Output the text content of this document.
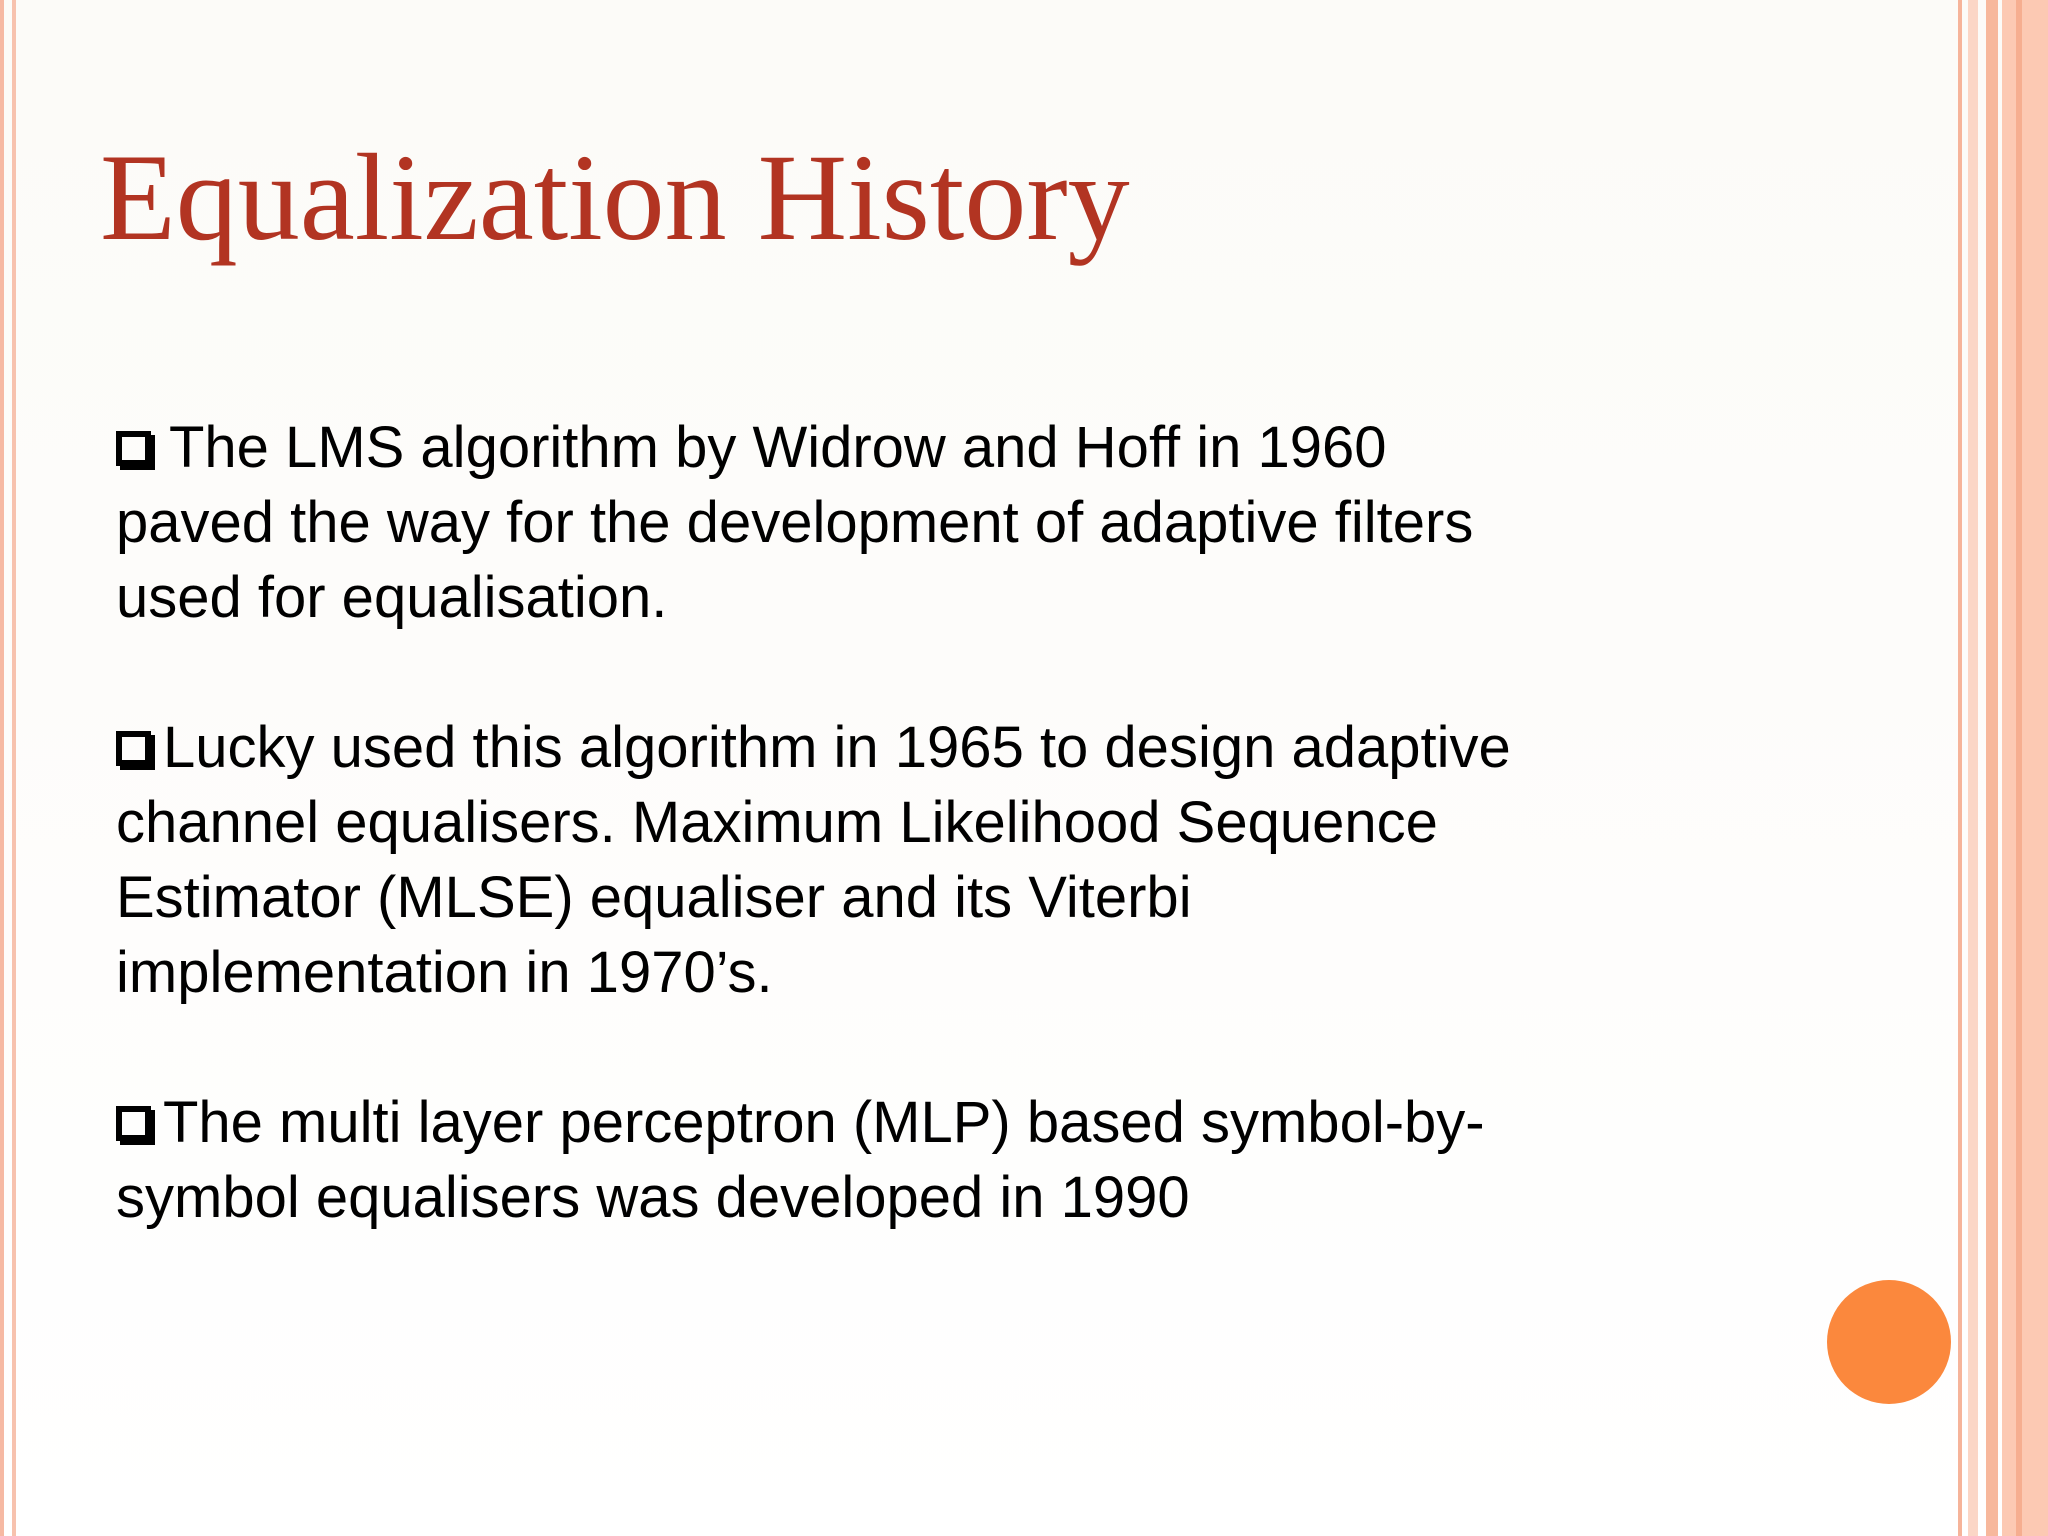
Equalization History
The LMS algorithm by Widrow and Hoff in 1960
paved the way for the development of adaptive filters
used for equalisation.
Lucky used this algorithm in 1965 to design adaptive
channel equalisers. Maximum Likelihood Sequence
Estimator (MLSE) equaliser and its Viterbi
implementation in 1970’s.
The multi layer perceptron (MLP) based symbol-by-
symbol equalisers was developed in 1990
